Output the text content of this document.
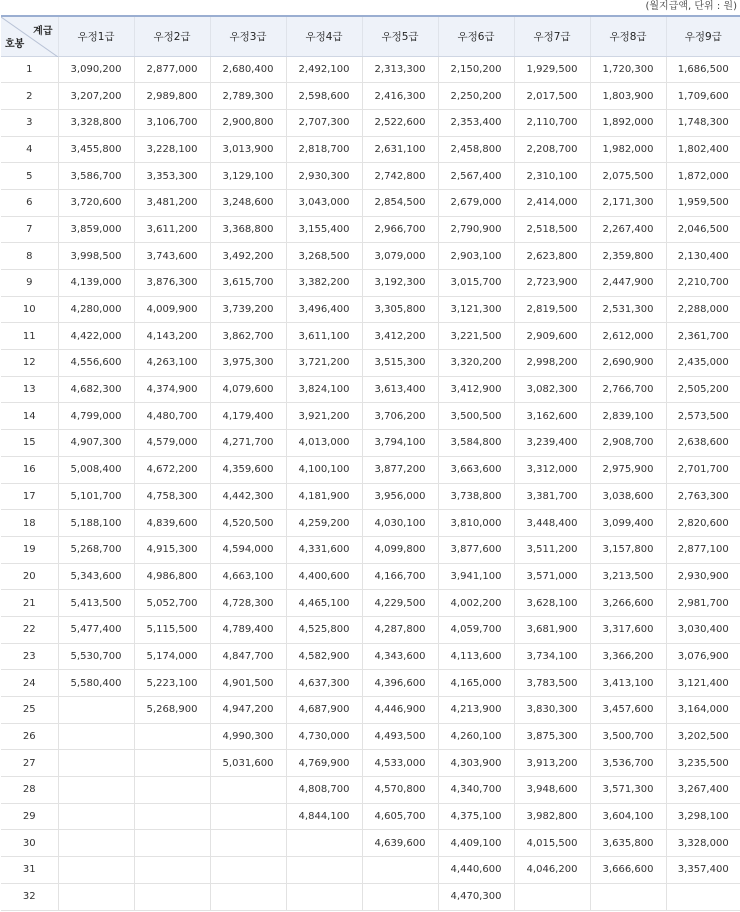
(월지급액, 단위 : 원)
계급
호봉	우정1급	우정2급	우정3급	우정4급	우정5급	우정6급	우정7급	우정8급	우정9급
1	3,090,200	2,877,000	2,680,400	2,492,100	2,313,300	2,150,200	1,929,500	1,720,300	1,686,500
2	3,207,200	2,989,800	2,789,300	2,598,600	2,416,300	2,250,200	2,017,500	1,803,900	1,709,600
3	3,328,800	3,106,700	2,900,800	2,707,300	2,522,600	2,353,400	2,110,700	1,892,000	1,748,300
4	3,455,800	3,228,100	3,013,900	2,818,700	2,631,100	2,458,800	2,208,700	1,982,000	1,802,400
5	3,586,700	3,353,300	3,129,100	2,930,300	2,742,800	2,567,400	2,310,100	2,075,500	1,872,000
6	3,720,600	3,481,200	3,248,600	3,043,000	2,854,500	2,679,000	2,414,000	2,171,300	1,959,500
7	3,859,000	3,611,200	3,368,800	3,155,400	2,966,700	2,790,900	2,518,500	2,267,400	2,046,500
8	3,998,500	3,743,600	3,492,200	3,268,500	3,079,000	2,903,100	2,623,800	2,359,800	2,130,400
9	4,139,000	3,876,300	3,615,700	3,382,200	3,192,300	3,015,700	2,723,900	2,447,900	2,210,700
10	4,280,000	4,009,900	3,739,200	3,496,400	3,305,800	3,121,300	2,819,500	2,531,300	2,288,000
11	4,422,000	4,143,200	3,862,700	3,611,100	3,412,200	3,221,500	2,909,600	2,612,000	2,361,700
12	4,556,600	4,263,100	3,975,300	3,721,200	3,515,300	3,320,200	2,998,200	2,690,900	2,435,000
13	4,682,300	4,374,900	4,079,600	3,824,100	3,613,400	3,412,900	3,082,300	2,766,700	2,505,200
14	4,799,000	4,480,700	4,179,400	3,921,200	3,706,200	3,500,500	3,162,600	2,839,100	2,573,500
15	4,907,300	4,579,000	4,271,700	4,013,000	3,794,100	3,584,800	3,239,400	2,908,700	2,638,600
16	5,008,400	4,672,200	4,359,600	4,100,100	3,877,200	3,663,600	3,312,000	2,975,900	2,701,700
17	5,101,700	4,758,300	4,442,300	4,181,900	3,956,000	3,738,800	3,381,700	3,038,600	2,763,300
18	5,188,100	4,839,600	4,520,500	4,259,200	4,030,100	3,810,000	3,448,400	3,099,400	2,820,600
19	5,268,700	4,915,300	4,594,000	4,331,600	4,099,800	3,877,600	3,511,200	3,157,800	2,877,100
20	5,343,600	4,986,800	4,663,100	4,400,600	4,166,700	3,941,100	3,571,000	3,213,500	2,930,900
21	5,413,500	5,052,700	4,728,300	4,465,100	4,229,500	4,002,200	3,628,100	3,266,600	2,981,700
22	5,477,400	5,115,500	4,789,400	4,525,800	4,287,800	4,059,700	3,681,900	3,317,600	3,030,400
23	5,530,700	5,174,000	4,847,700	4,582,900	4,343,600	4,113,600	3,734,100	3,366,200	3,076,900
24	5,580,400	5,223,100	4,901,500	4,637,300	4,396,600	4,165,000	3,783,500	3,413,100	3,121,400
25		5,268,900	4,947,200	4,687,900	4,446,900	4,213,900	3,830,300	3,457,600	3,164,000
26			4,990,300	4,730,000	4,493,500	4,260,100	3,875,300	3,500,700	3,202,500
27			5,031,600	4,769,900	4,533,000	4,303,900	3,913,200	3,536,700	3,235,500
28				4,808,700	4,570,800	4,340,700	3,948,600	3,571,300	3,267,400
29				4,844,100	4,605,700	4,375,100	3,982,800	3,604,100	3,298,100
30					4,639,600	4,409,100	4,015,500	3,635,800	3,328,000
31						4,440,600	4,046,200	3,666,600	3,357,400
32						4,470,300			
